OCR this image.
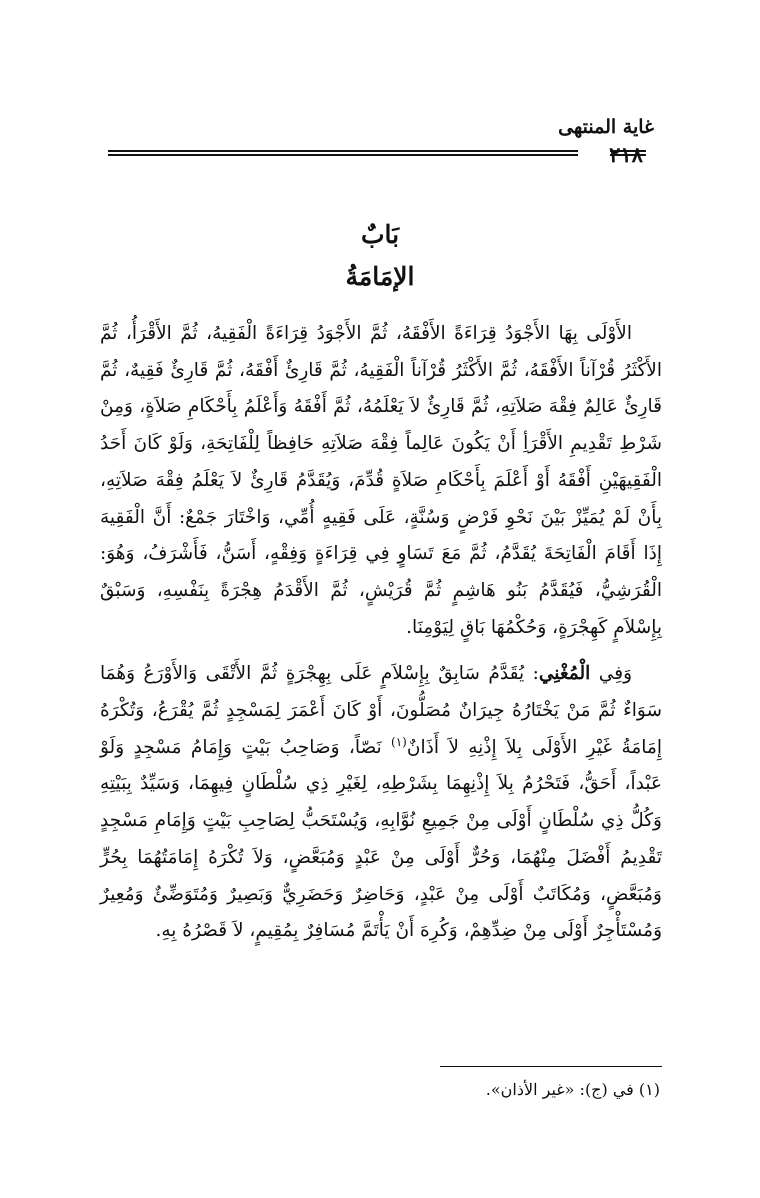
غاية المنتهى
٢١٨
بَابٌ
الإمَامَةُ

الأَوْلَى بِهَا الأَجْوَدُ قِرَاءَةً الأَفْقَهُ، ثُمَّ الأَجْوَدُ قِرَاءَةً الْفَقِيهُ، ثُمَّ الأَقْرَأُ، ثُمَّ الأَكْثَرُ قُرْآناً الأَفْقَهُ، ثُمَّ الأَكْثَرُ قُرْآناً الْفَقِيهُ، ثُمَّ قَارِئٌ أَفْقَهُ، ثُمَّ قَارِئٌ فَقِيهٌ، ثُمَّ قَارِئٌ عَالِمٌ فِقْهَ صَلاَتِهِ، ثُمَّ قَارِئٌ لاَ يَعْلَمُهُ، ثُمَّ أَفْقَهُ وَأَعْلَمُ بِأَحْكَامِ صَلاَةٍ، وَمِنْ شَرْطِ تَقْدِيمِ الأَقْرَأِ أَنْ يَكُونَ عَالِماً فِقْهَ صَلاَتِهِ حَافِظاً لِلْفَاتِحَةِ، وَلَوْ كَانَ أَحَدُ الْفَقِيهَيْنِ أَفْقَهُ أَوْ أَعْلَمَ بِأَحْكَامِ صَلاَةٍ قُدِّمَ، وَيُقَدَّمُ قَارِئٌ لاَ يَعْلَمُ فِقْهَ صَلاَتِهِ، بِأَنْ لَمْ يُمَيِّزْ بَيْنَ نَحْوِ فَرْضٍ وَسُنَّةٍ، عَلَى فَقِيهٍ أُمِّي، وَاخْتَارَ جَمْعٌ: أَنَّ الْفَقِيهَ إِذَا أَقَامَ الْفَاتِحَةَ يُقَدَّمُ، ثُمَّ مَعَ تَسَاوٍ فِي قِرَاءَةٍ وَفِقْهٍ، أَسَنُّ، فَأَشْرَفُ، وَهُوَ: الْقُرَشِيُّ، فَيُقَدَّمُ بَنُو هَاشِمٍ ثُمَّ قُرَيْشٍ، ثُمَّ الأَقْدَمُ هِجْرَةً بِنَفْسِهِ، وَسَبْقٌ بِإِسْلاَمٍ كَهِجْرَةٍ، وَحُكْمُهَا بَاقٍ لِيَوْمِنَا.

وَفِي الْمُغْنِي: يُقَدَّمُ سَابِقٌ بِإِسْلاَمٍ عَلَى بِهِجْرَةٍ ثُمَّ الأَتْقَى وَالأَوْرَعُ وَهُمَا سَوَاءٌ ثُمَّ مَنْ يَخْتَارُهُ جِيرَانٌ مُصَلُّونَ، أَوْ كَانَ أَعْمَرَ لِمَسْجِدٍ ثُمَّ يُقْرَعُ، وَتُكْرَهُ إِمَامَةُ غَيْرِ الأَوْلَى بِلاَ إِذْنِهِ لاَ أَذَانٌ$^{(١)}$ نَصّاً، وَصَاحِبُ بَيْتٍ وَإِمَامُ مَسْجِدٍ وَلَوْ عَبْداً، أَحَقُّ، فَتَحْرُمُ بِلاَ إِذْنِهِمَا بِشَرْطِهِ، لِغَيْرِ ذِي سُلْطَانٍ فِيهِمَا، وَسَيِّدٌ بِبَيْتِهِ وَكُلُّ ذِي سُلْطَانٍ أَوْلَى مِنْ جَمِيعِ نُوَّابِهِ، وَيُسْتَحَبُّ لِصَاحِبِ بَيْتٍ وَإِمَامِ مَسْجِدٍ تَقْدِيمُ أَفْضَلَ مِنْهُمَا، وَحُرٌّ أَوْلَى مِنْ عَبْدٍ وَمُبَعَّضٍ، وَلاَ تُكْرَهُ إِمَامَتُهُمَا بِحُرٍّ وَمُبَعَّضٍ، وَمُكَاتَبٌ أَوْلَى مِنْ عَبْدٍ، وَحَاضِرٌ وَحَضَرِيٌّ وَبَصِيرٌ وَمُتَوَضِّئٌ وَمُعِيرٌ وَمُسْتَأْجِرٌ أَوْلَى مِنْ ضِدِّهِمْ، وَكُرِهَ أَنْ يَأْتَمَّ مُسَافِرٌ بِمُقِيمٍ، لاَ قَصْرُهُ بِهِ.

(١) في (ج): «غير الأذان».
